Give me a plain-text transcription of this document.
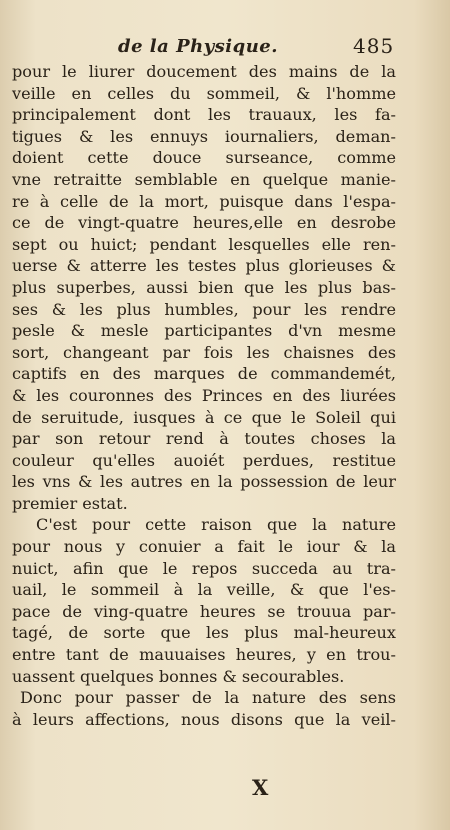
de la Physique.	485
pour le liurer doucement des mains de la
veille en celles du sommeil, & l'homme
principalement dont les trauaux, les fa-
tigues & les ennuys iournaliers, deman-
doient cette douce surseance, comme
vne retraitte semblable en quelque manie-
re à celle de la mort, puisque dans l'espa-
ce de vingt-quatre heures,elle en desrobe
sept ou huict; pendant lesquelles elle ren-
uerse & atterre les testes plus glorieuses &
plus superbes, aussi bien que les plus bas-
ses & les plus humbles, pour les rendre
pesle & mesle participantes d'vn mesme
sort, changeant par fois les chaisnes des
captifs en des marques de commandemét,
& les couronnes des Princes en des liurées
de seruitude, iusques à ce que le Soleil qui
par son retour rend à toutes choses la
couleur qu'elles auoiét perdues, restitue
les vns & les autres en la possession de leur
premier estat.
C'est pour cette raison que la nature
pour nous y conuier a fait le iour & la
nuict, afin que le repos succeda au tra-
uail, le sommeil à la veille, & que l'es-
pace de ving-quatre heures se trouua par-
tagé, de sorte que les plus mal-heureux
entre tant de mauuaises heures, y en trou-
uassent quelques bonnes & secourables.
Donc pour passer de la nature des sens
à leurs affections, nous disons que la veil-
X
